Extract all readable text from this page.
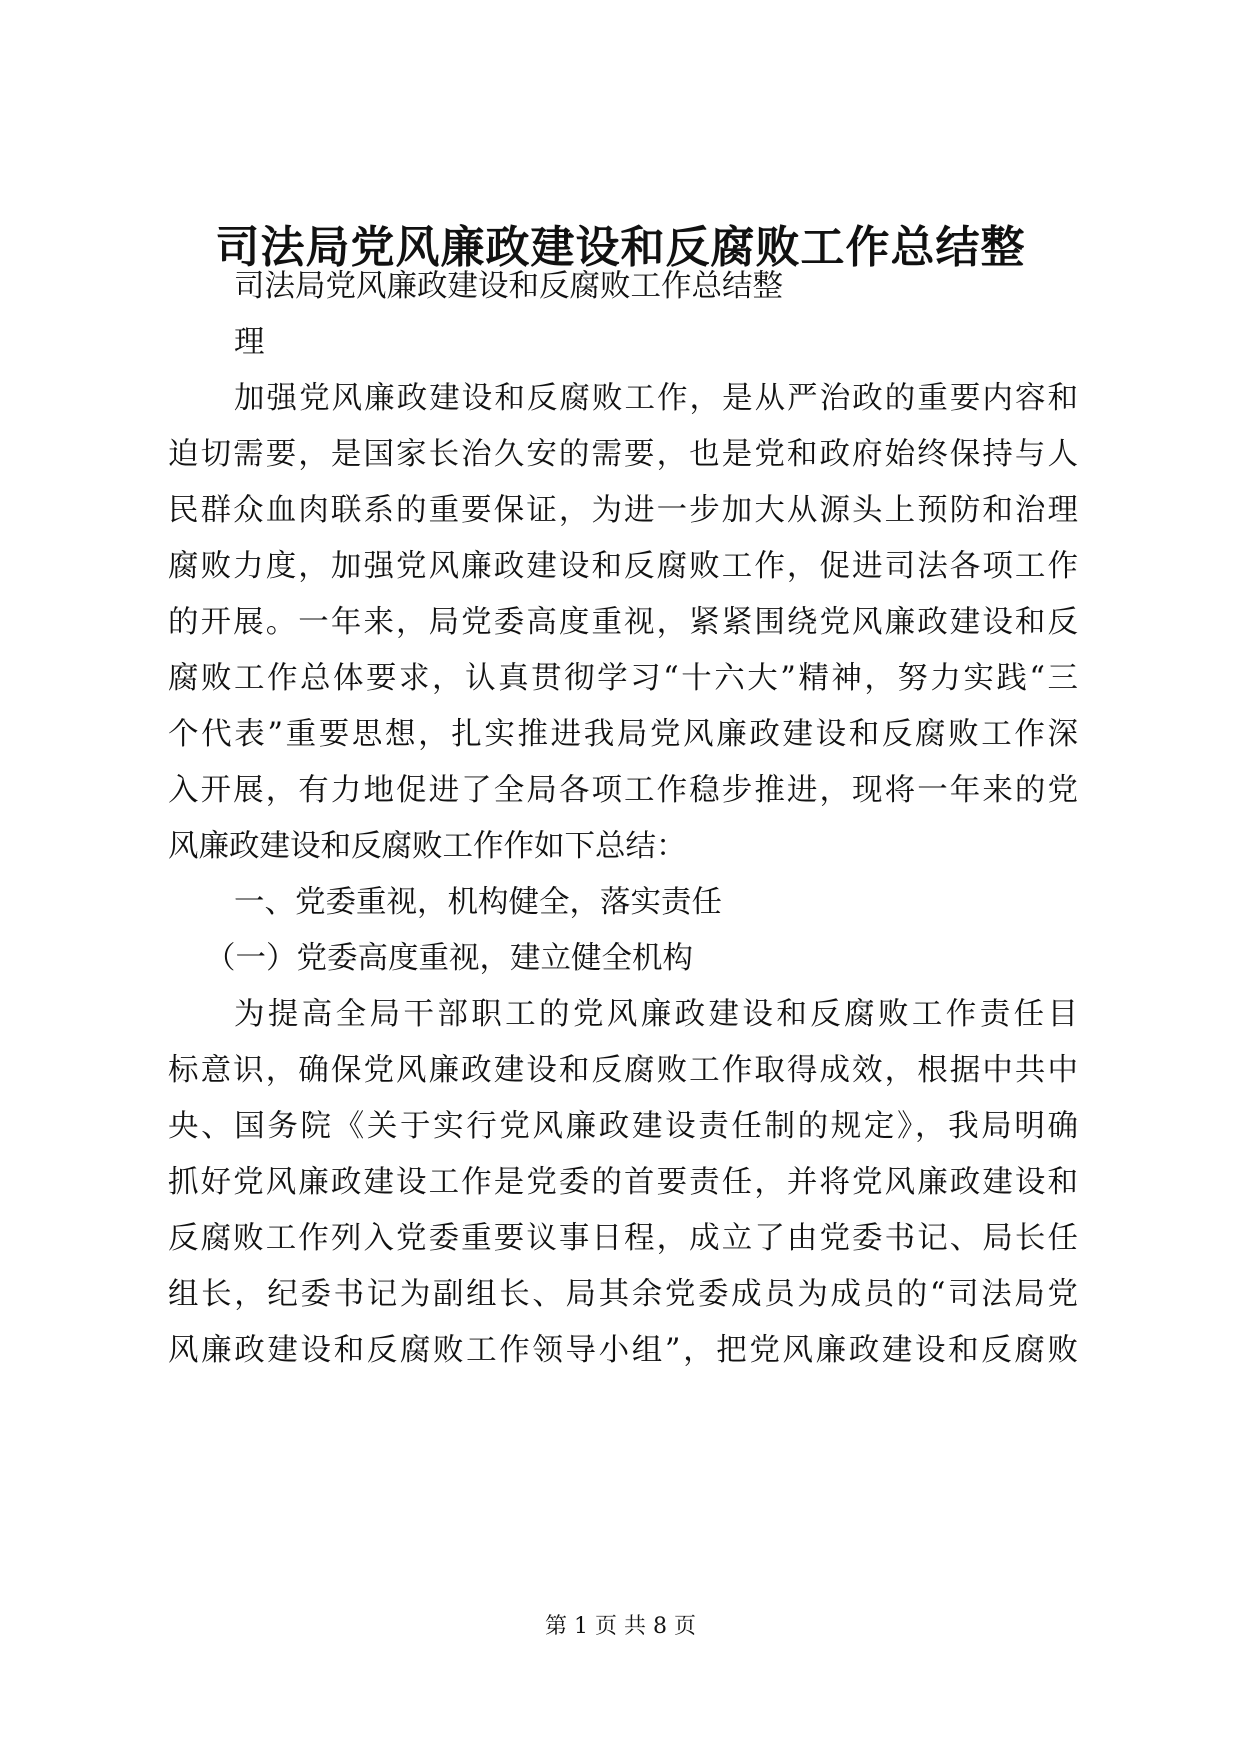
司法局党风廉政建设和反腐败工作总结整
司法局党风廉政建设和反腐败工作总结整
理
加强党风廉政建设和反腐败工作，是从严治政的重要内容和
迫切需要，是国家长治久安的需要，也是党和政府始终保持与人
民群众血肉联系的重要保证，为进一步加大从源头上预防和治理
腐败力度，加强党风廉政建设和反腐败工作，促进司法各项工作
的开展。一年来，局党委高度重视，紧紧围绕党风廉政建设和反
腐败工作总体要求，认真贯彻学习“十六大”精神，努力实践“三
个代表”重要思想，扎实推进我局党风廉政建设和反腐败工作深
入开展，有力地促进了全局各项工作稳步推进，现将一年来的党
风廉政建设和反腐败工作作如下总结：
一、党委重视，机构健全，落实责任
（一）党委高度重视，建立健全机构
为提高全局干部职工的党风廉政建设和反腐败工作责任目
标意识，确保党风廉政建设和反腐败工作取得成效，根据中共中
央、国务院《关于实行党风廉政建设责任制的规定》，我局明确
抓好党风廉政建设工作是党委的首要责任，并将党风廉政建设和
反腐败工作列入党委重要议事日程，成立了由党委书记、局长任
组长，纪委书记为副组长、局其余党委成员为成员的“司法局党
风廉政建设和反腐败工作领导小组”，把党风廉政建设和反腐败
第 1 页 共 8 页
